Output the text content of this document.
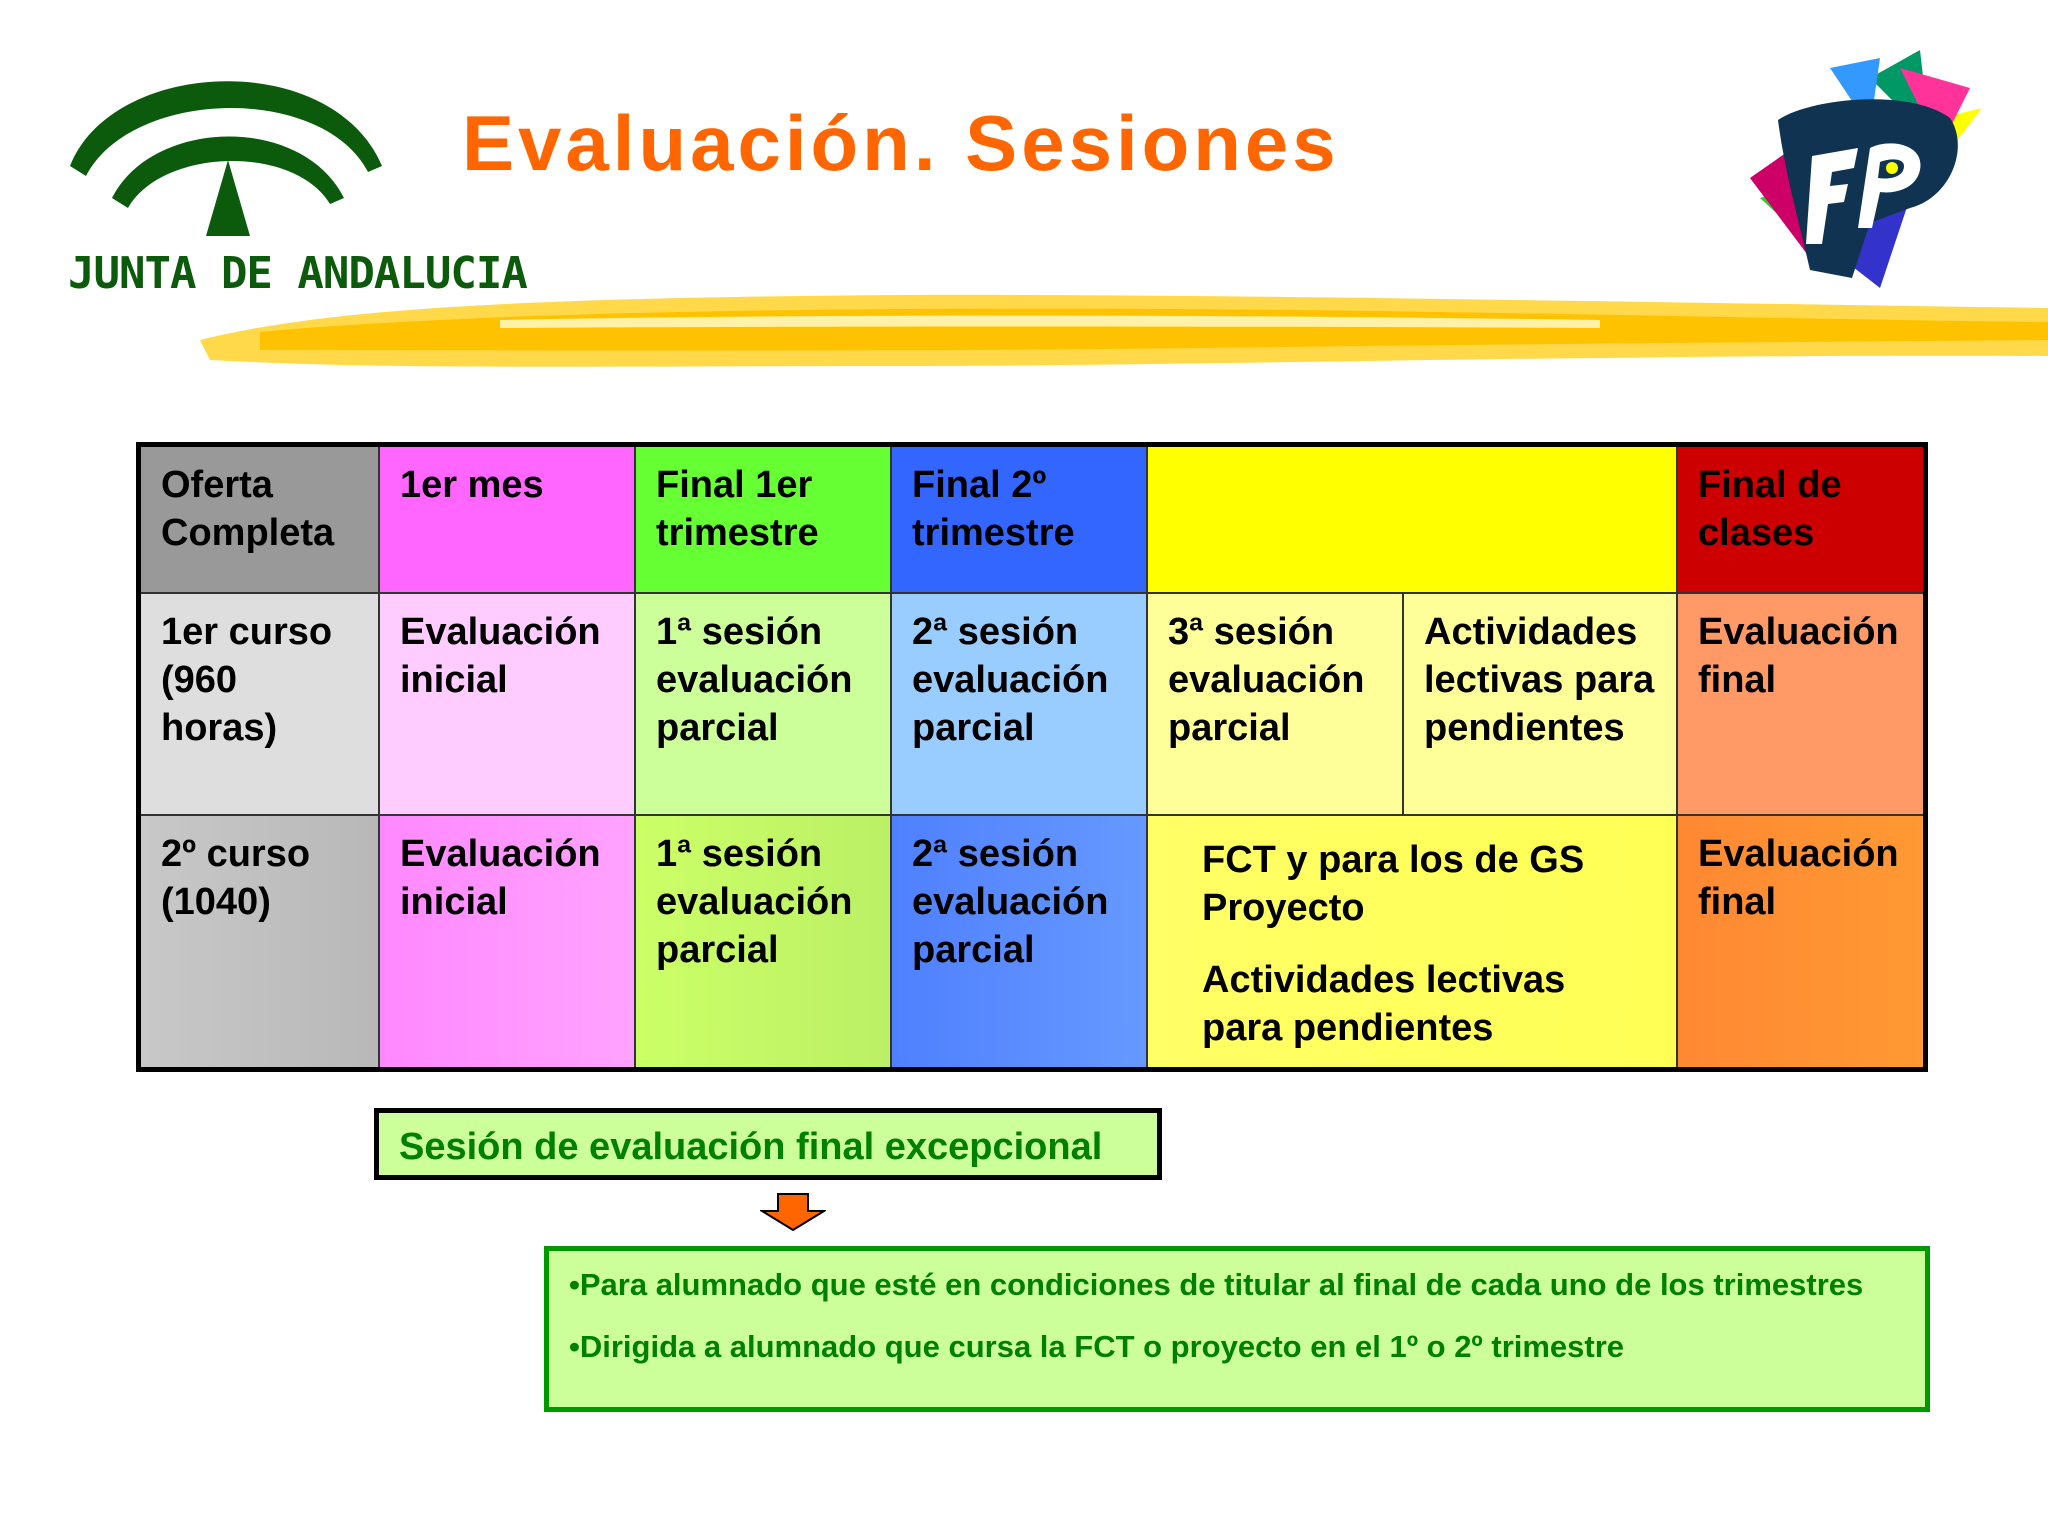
JUNTA DE ANDALUCIA
Evaluación. Sesiones
Oferta Completa
1er mes	Final 1er trimestre
Final 2º trimestre
Final de clases
1er curso (960 horas)
Evaluación inicial
1ª sesión evaluación parcial
2ª sesión evaluación parcial
3ª sesión evaluación parcial
Actividades lectivas para pendientes
Evaluación final
2º curso (1040)
Evaluación inicial
1ª sesión evaluación parcial
2ª sesión evaluación parcial
FCT y para los de GS Proyecto
Actividades lectivas para pendientes
Evaluación final
Sesión de evaluación final excepcional
•Para alumnado que esté en condiciones de titular al final de cada uno de los trimestres
•Dirigida a alumnado que cursa la FCT o proyecto en el 1º o 2º trimestre
